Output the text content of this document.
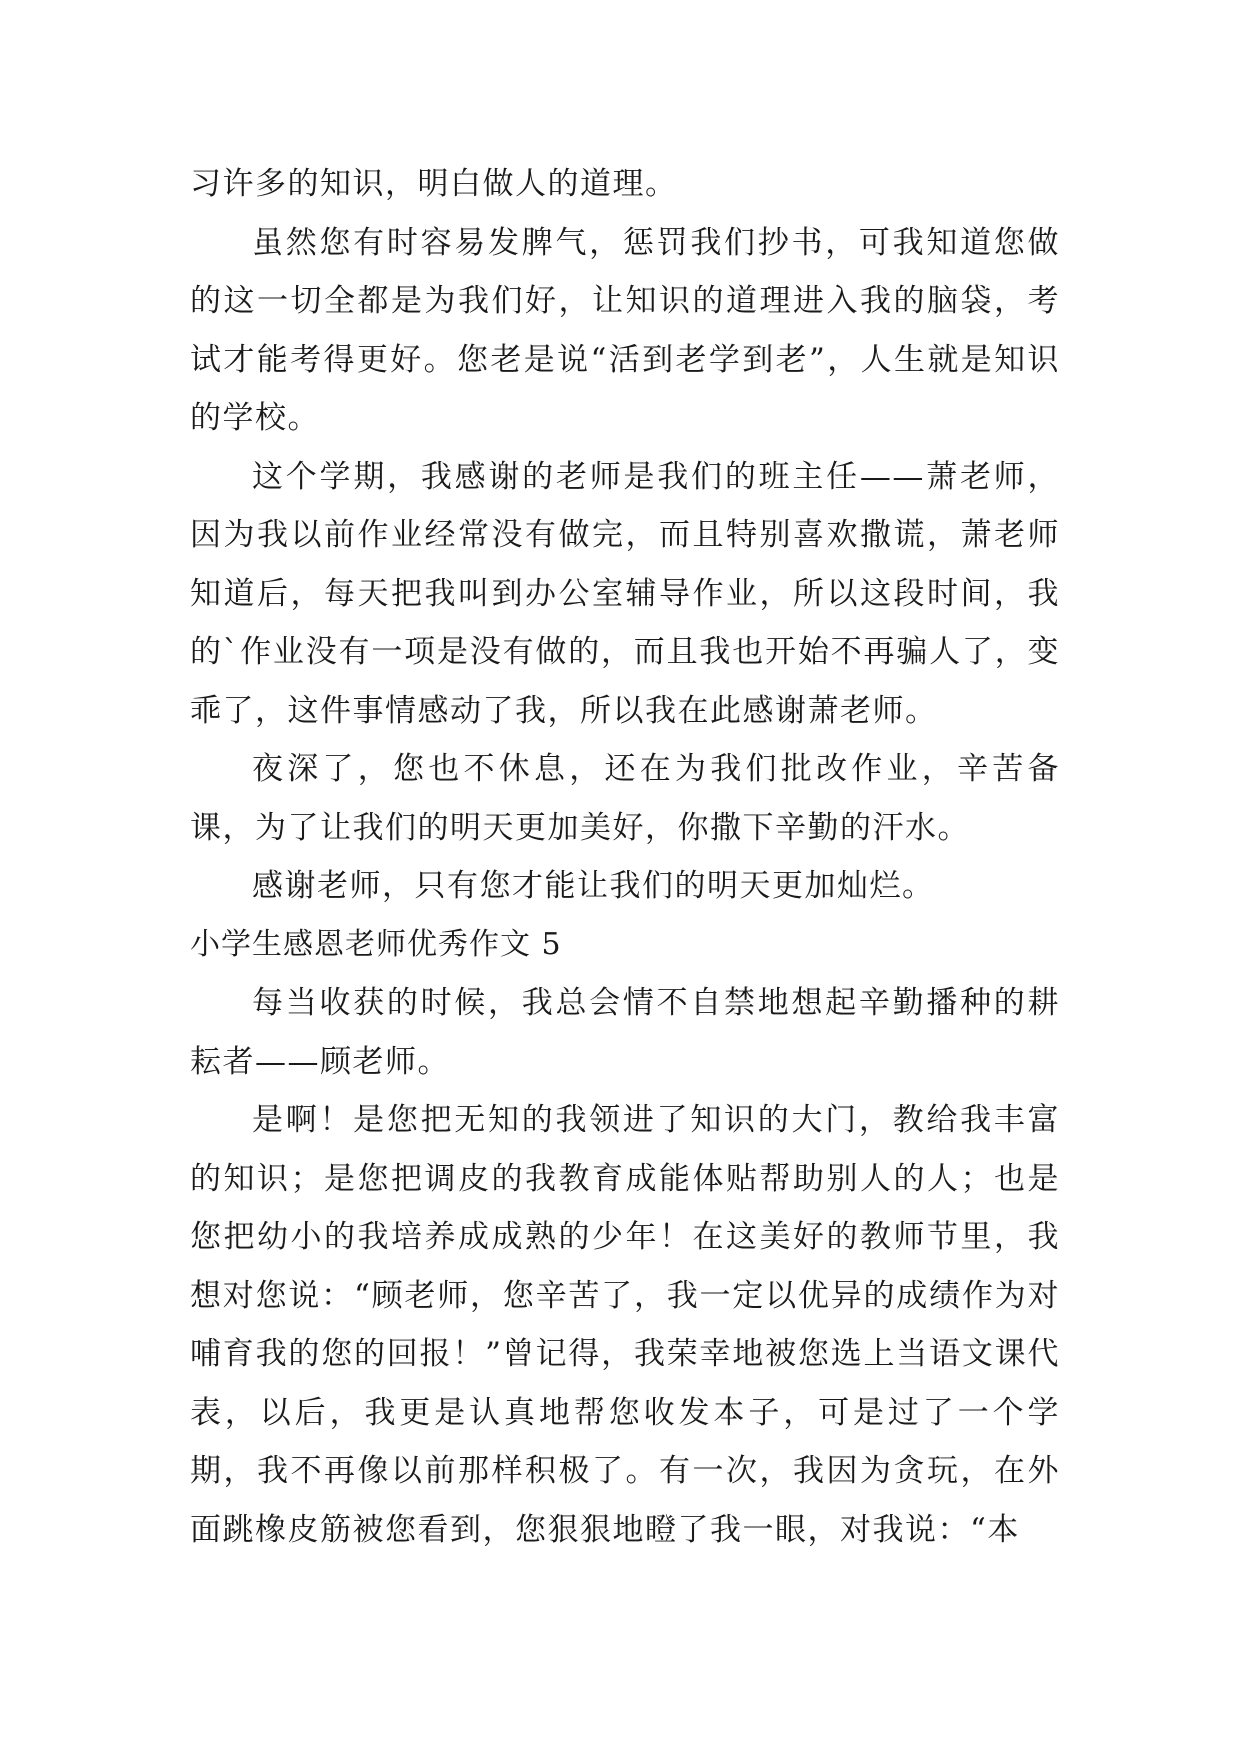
习许多的知识，明白做人的道理。

虽然您有时容易发脾气，惩罚我们抄书，可我知道您做的这一切全都是为我们好，让知识的道理进入我的脑袋，考试才能考得更好。您老是说“活到老学到老”，人生就是知识的学校。

这个学期，我感谢的老师是我们的班主任——萧老师，因为我以前作业经常没有做完，而且特别喜欢撒谎，萧老师知道后，每天把我叫到办公室辅导作业，所以这段时间，我的`作业没有一项是没有做的，而且我也开始不再骗人了，变乖了，这件事情感动了我，所以我在此感谢萧老师。

夜深了，您也不休息，还在为我们批改作业，辛苦备课，为了让我们的明天更加美好，你撒下辛勤的汗水。

感谢老师，只有您才能让我们的明天更加灿烂。

小学生感恩老师优秀作文 5

每当收获的时候，我总会情不自禁地想起辛勤播种的耕耘者——顾老师。

是啊！是您把无知的我领进了知识的大门，教给我丰富的知识；是您把调皮的我教育成能体贴帮助别人的人；也是您把幼小的我培养成成熟的少年！在这美好的教师节里，我想对您说：“顾老师，您辛苦了，我一定以优异的成绩作为对哺育我的您的回报！”曾记得，我荣幸地被您选上当语文课代表，以后，我更是认真地帮您收发本子，可是过了一个学期，我不再像以前那样积极了。有一次，我因为贪玩，在外面跳橡皮筋被您看到，您狠狠地瞪了我一眼，对我说：“本
